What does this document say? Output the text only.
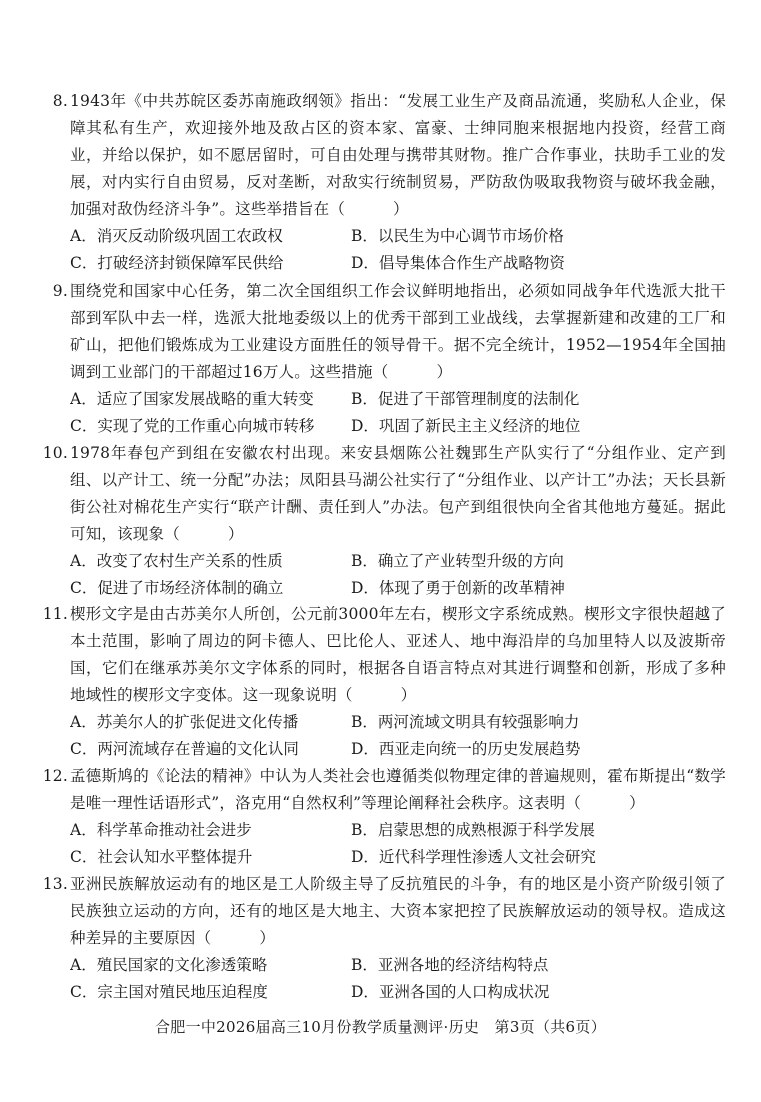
8. 1943年《中共苏皖区委苏南施政纲领》指出：“发展工业生产及商品流通，奖励私人企业，保障其私有生产，欢迎接外地及敌占区的资本家、富豪、士绅同胞来根据地内投资，经营工商业，并给以保护，如不愿居留时，可自由处理与携带其财物。推广合作事业，扶助手工业的发展，对内实行自由贸易，反对垄断，对敌实行统制贸易，严防敌伪吸取我物资与破坏我金融，加强对敌伪经济斗争”。这些举措旨在（	）
A．消灭反动阶级巩固工农政权	B．以民生为中心调节市场价格
C．打破经济封锁保障军民供给	D．倡导集体合作生产战略物资
9. 围绕党和国家中心任务，第二次全国组织工作会议鲜明地指出，必须如同战争年代选派大批干部到军队中去一样，选派大批地委级以上的优秀干部到工业战线，去掌握新建和改建的工厂和矿山，把他们锻炼成为工业建设方面胜任的领导骨干。据不完全统计，1952—1954年全国抽调到工业部门的干部超过16万人。这些措施（	）
A．适应了国家发展战略的重大转变	B．促进了干部管理制度的法制化
C．实现了党的工作重心向城市转移	D．巩固了新民主主义经济的地位
10. 1978年春包产到组在安徽农村出现。来安县烟陈公社魏郢生产队实行了“分组作业、定产到组、以产计工、统一分配”办法；凤阳县马湖公社实行了“分组作业、以产计工”办法；天长县新街公社对棉花生产实行“联产计酬、责任到人”办法。包产到组很快向全省其他地方蔓延。据此可知，该现象（	）
A．改变了农村生产关系的性质	B．确立了产业转型升级的方向
C．促进了市场经济体制的确立	D．体现了勇于创新的改革精神
11. 楔形文字是由古苏美尔人所创，公元前3000年左右，楔形文字系统成熟。楔形文字很快超越了本土范围，影响了周边的阿卡德人、巴比伦人、亚述人、地中海沿岸的乌加里特人以及波斯帝国，它们在继承苏美尔文字体系的同时，根据各自语言特点对其进行调整和创新，形成了多种地域性的楔形文字变体。这一现象说明（	）
A．苏美尔人的扩张促进文化传播	B．两河流域文明具有较强影响力
C．两河流域存在普遍的文化认同	D．西亚走向统一的历史发展趋势
12. 孟德斯鸠的《论法的精神》中认为人类社会也遵循类似物理定律的普遍规则，霍布斯提出“数学是唯一理性话语形式”，洛克用“自然权利”等理论阐释社会秩序。这表明（	）
A．科学革命推动社会进步	B．启蒙思想的成熟根源于科学发展
C．社会认知水平整体提升	D．近代科学理性渗透人文社会研究
13. 亚洲民族解放运动有的地区是工人阶级主导了反抗殖民的斗争，有的地区是小资产阶级引领了民族独立运动的方向，还有的地区是大地主、大资本家把控了民族解放运动的领导权。造成这种差异的主要原因（	）
A．殖民国家的文化渗透策略	B．亚洲各地的经济结构特点
C．宗主国对殖民地压迫程度	D．亚洲各国的人口构成状况
合肥一中2026届高三10月份教学质量测评·历史　第3页（共6页）
